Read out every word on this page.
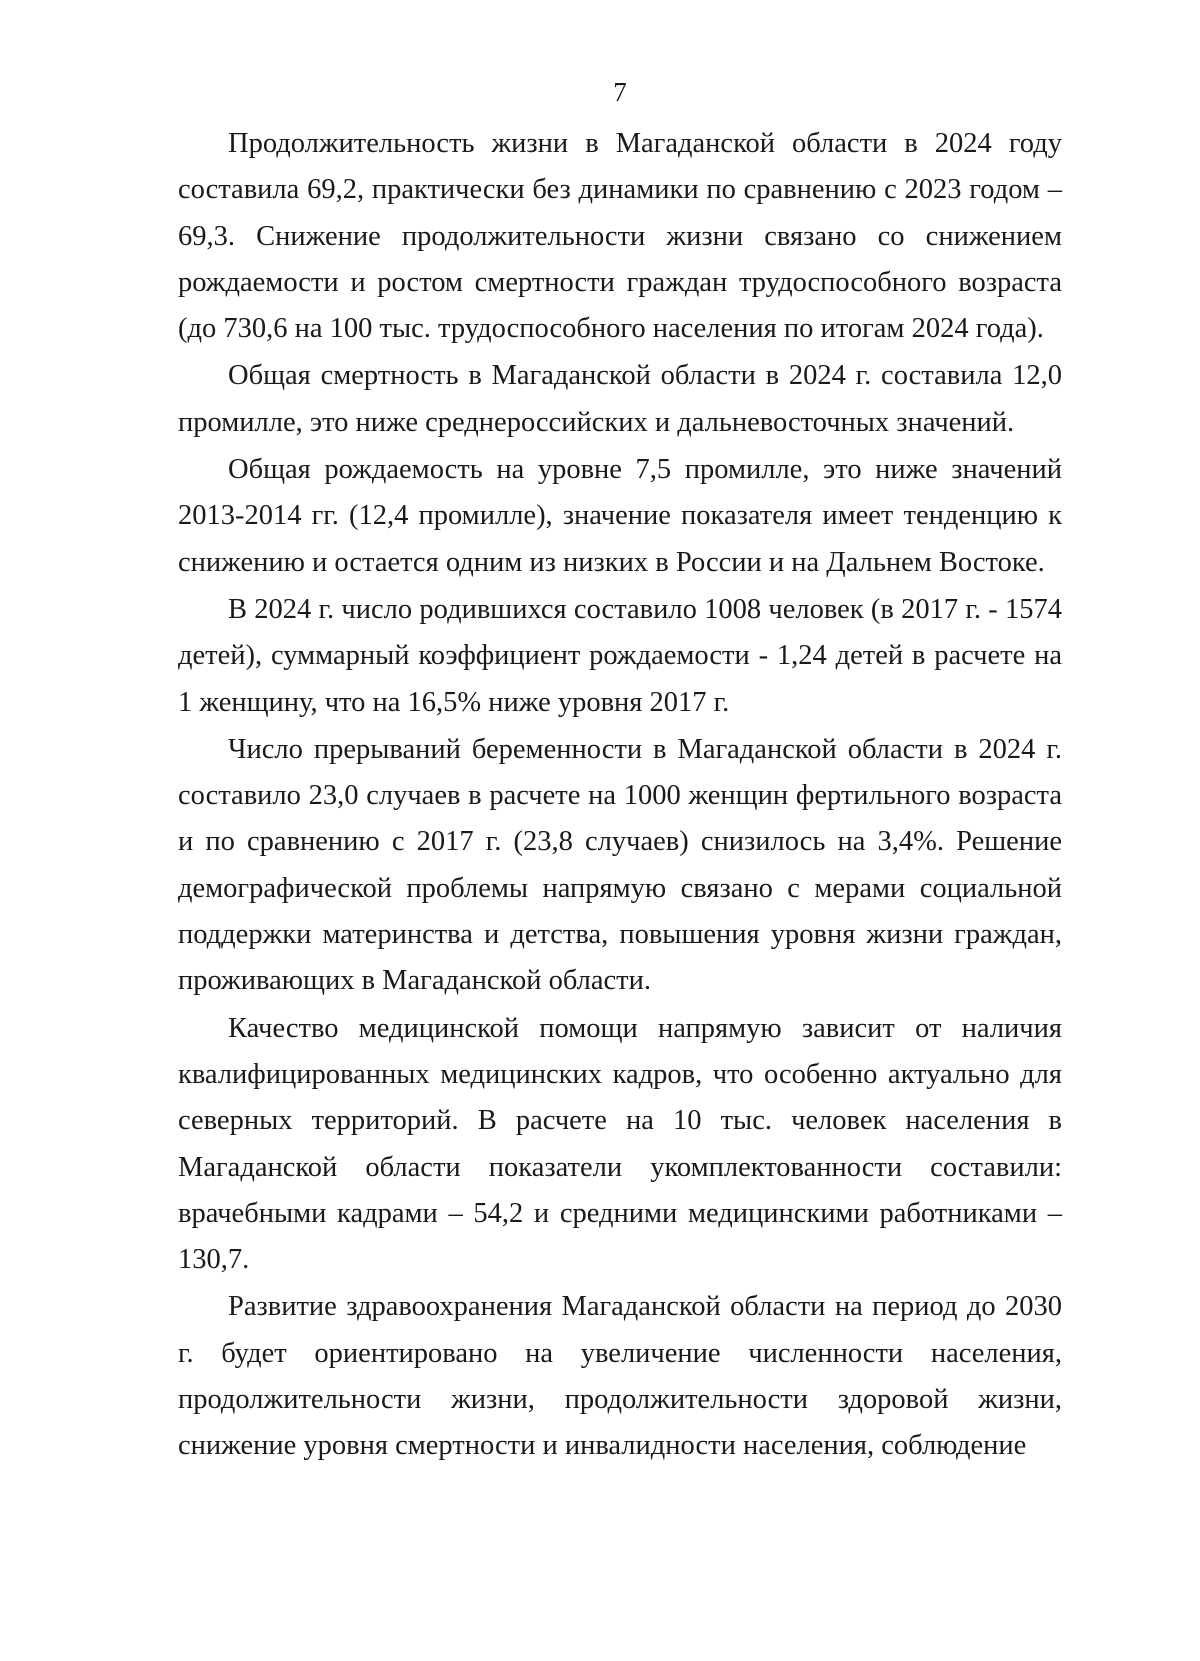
7

Продолжительность жизни в Магаданской области в 2024 году составила 69,2, практически без динамики по сравнению с 2023 годом – 69,3. Снижение продолжительности жизни связано со снижением рождаемости и ростом смертности граждан трудоспособного возраста (до 730,6 на 100 тыс. трудоспособного населения по итогам 2024 года).

Общая смертность в Магаданской области в 2024 г. составила 12,0 промилле, это ниже среднероссийских и дальневосточных значений.

Общая рождаемость на уровне 7,5 промилле, это ниже значений 2013-2014 гг. (12,4 промилле), значение показателя имеет тенденцию к снижению и остается одним из низких в России и на Дальнем Востоке.

В 2024 г. число родившихся составило 1008 человек (в 2017 г. - 1574 детей), суммарный коэффициент рождаемости - 1,24 детей в расчете на 1 женщину, что на 16,5% ниже уровня 2017 г.

Число прерываний беременности в Магаданской области в 2024 г. составило 23,0 случаев в расчете на 1000 женщин фертильного возраста и по сравнению с 2017 г. (23,8 случаев) снизилось на 3,4%. Решение демографической проблемы напрямую связано с мерами социальной поддержки материнства и детства, повышения уровня жизни граждан, проживающих в Магаданской области.

Качество медицинской помощи напрямую зависит от наличия квалифицированных медицинских кадров, что особенно актуально для северных территорий. В расчете на 10 тыс. человек населения в Магаданской области показатели укомплектованности составили: врачебными кадрами – 54,2 и средними медицинскими работниками – 130,7.

Развитие здравоохранения Магаданской области на период до 2030 г. будет ориентировано на увеличение численности населения, продолжительности жизни, продолжительности здоровой жизни, снижение уровня смертности и инвалидности населения, соблюдение
